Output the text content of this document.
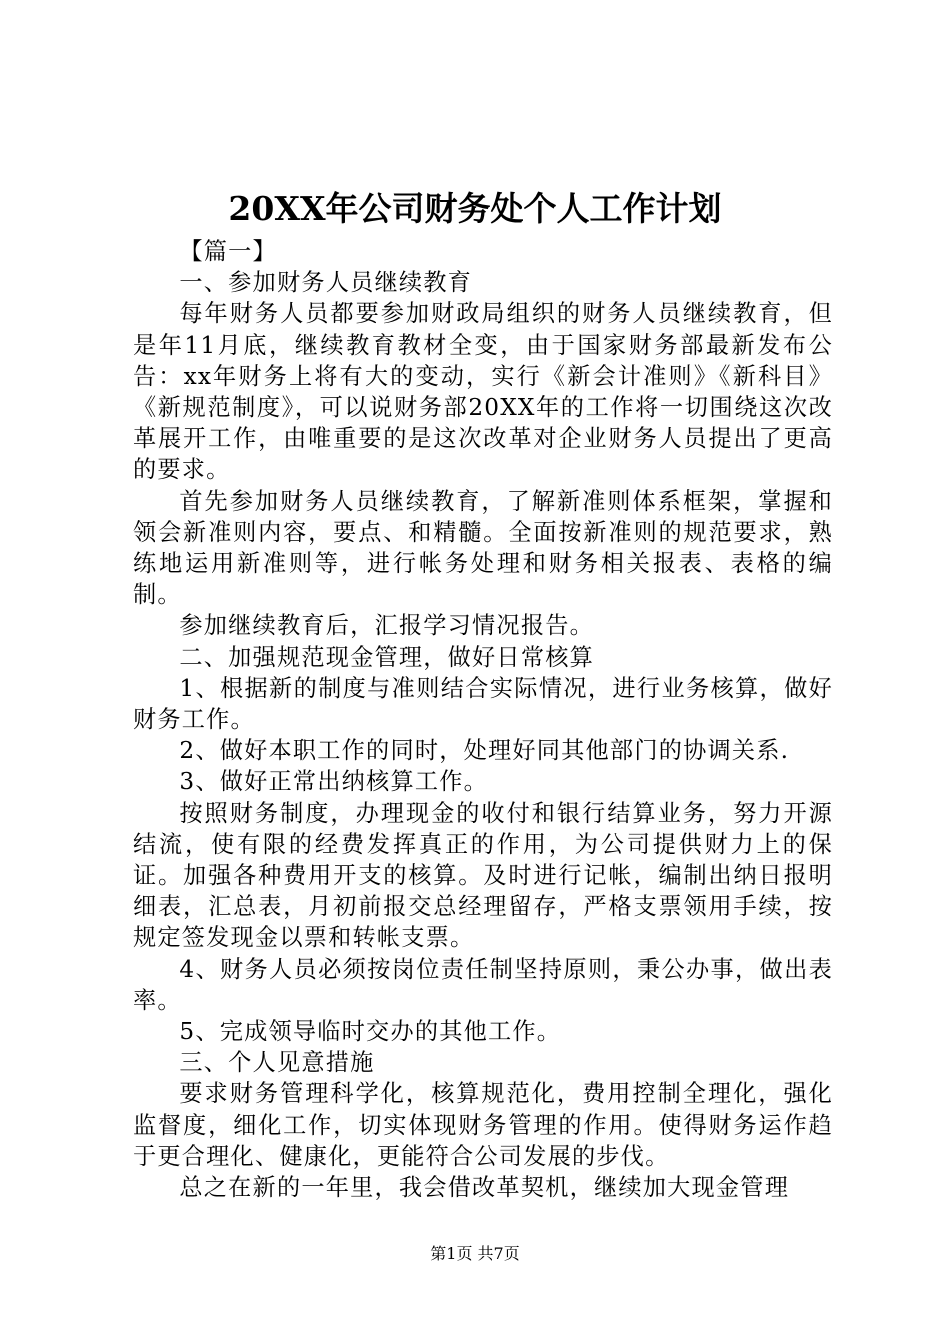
20XX年公司财务处个人工作计划

【篇一】

一、参加财务人员继续教育

每年财务人员都要参加财政局组织的财务人员继续教育，但是年11月底，继续教育教材全变，由于国家财务部最新发布公告：xx年财务上将有大的变动，实行《新会计准则》《新科目》《新规范制度》，可以说财务部20XX年的工作将一切围绕这次改革展开工作，由唯重要的是这次改革对企业财务人员提出了更高的要求。

首先参加财务人员继续教育，了解新准则体系框架，掌握和领会新准则内容，要点、和精髓。全面按新准则的规范要求，熟练地运用新准则等，进行帐务处理和财务相关报表、表格的编制。

参加继续教育后，汇报学习情况报告。

二、加强规范现金管理，做好日常核算

1、根据新的制度与准则结合实际情况，进行业务核算，做好财务工作。

2、做好本职工作的同时，处理好同其他部门的协调关系.

3、做好正常出纳核算工作。

按照财务制度，办理现金的收付和银行结算业务，努力开源结流，使有限的经费发挥真正的作用，为公司提供财力上的保证。加强各种费用开支的核算。及时进行记帐，编制出纳日报明细表，汇总表，月初前报交总经理留存，严格支票领用手续，按规定签发现金以票和转帐支票。

4、财务人员必须按岗位责任制坚持原则，秉公办事，做出表率。

5、完成领导临时交办的其他工作。

三、个人见意措施

要求财务管理科学化，核算规范化，费用控制全理化，强化监督度，细化工作，切实体现财务管理的作用。使得财务运作趋于更合理化、健康化，更能符合公司发展的步伐。

总之在新的一年里，我会借改革契机，继续加大现金管理

第1页 共7页
